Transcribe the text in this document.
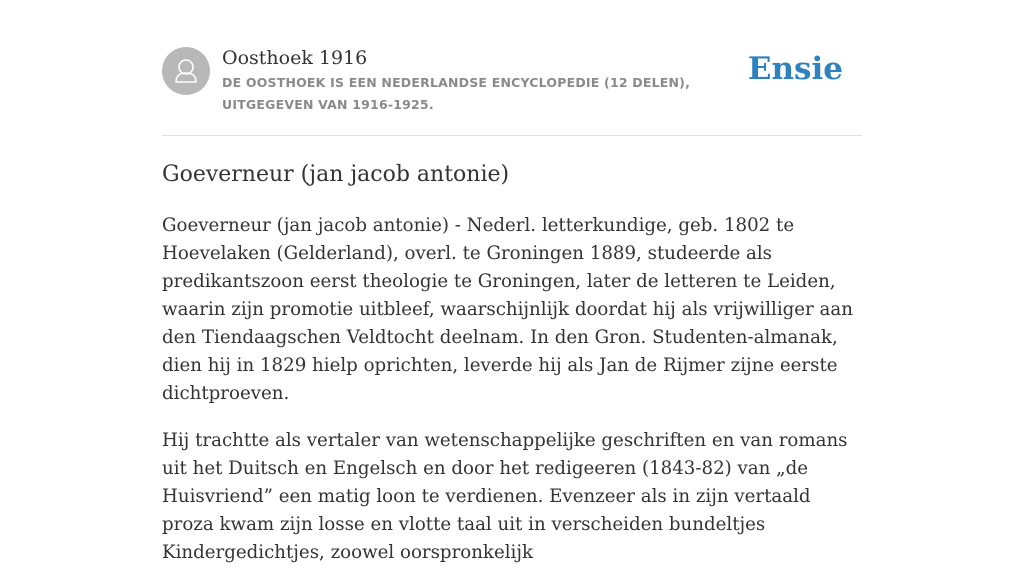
Oosthoek 1916
DE OOSTHOEK IS EEN NEDERLANDSE ENCYCLOPEDIE (12 DELEN), UITGEGEVEN VAN 1916-1925.
Ensie
Goeverneur (jan jacob antonie)

Goeverneur (jan jacob antonie) - Nederl. letterkundige, geb. 1802 te Hoevelaken (Gelderland), overl. te Groningen 1889, studeerde als predikantszoon eerst theologie te Groningen, later de letteren te Leiden, waarin zijn promotie uitbleef, waarschijnlijk doordat hij als vrijwilliger aan den Tiendaagschen Veldtocht deelnam. In den Gron. Studenten-almanak, dien hij in 1829 hielp oprichten, leverde hij als Jan de Rijmer zijne eerste dichtproeven.

Hij trachtte als vertaler van wetenschappelijke geschriften en van romans uit het Duitsch en Engelsch en door het redigeeren (1843-82) van „de Huisvriend” een matig loon te verdienen. Evenzeer als in zijn vertaald proza kwam zijn losse en vlotte taal uit in verscheiden bundeltjes Kindergedichtjes, zoowel oorspronkelijk
